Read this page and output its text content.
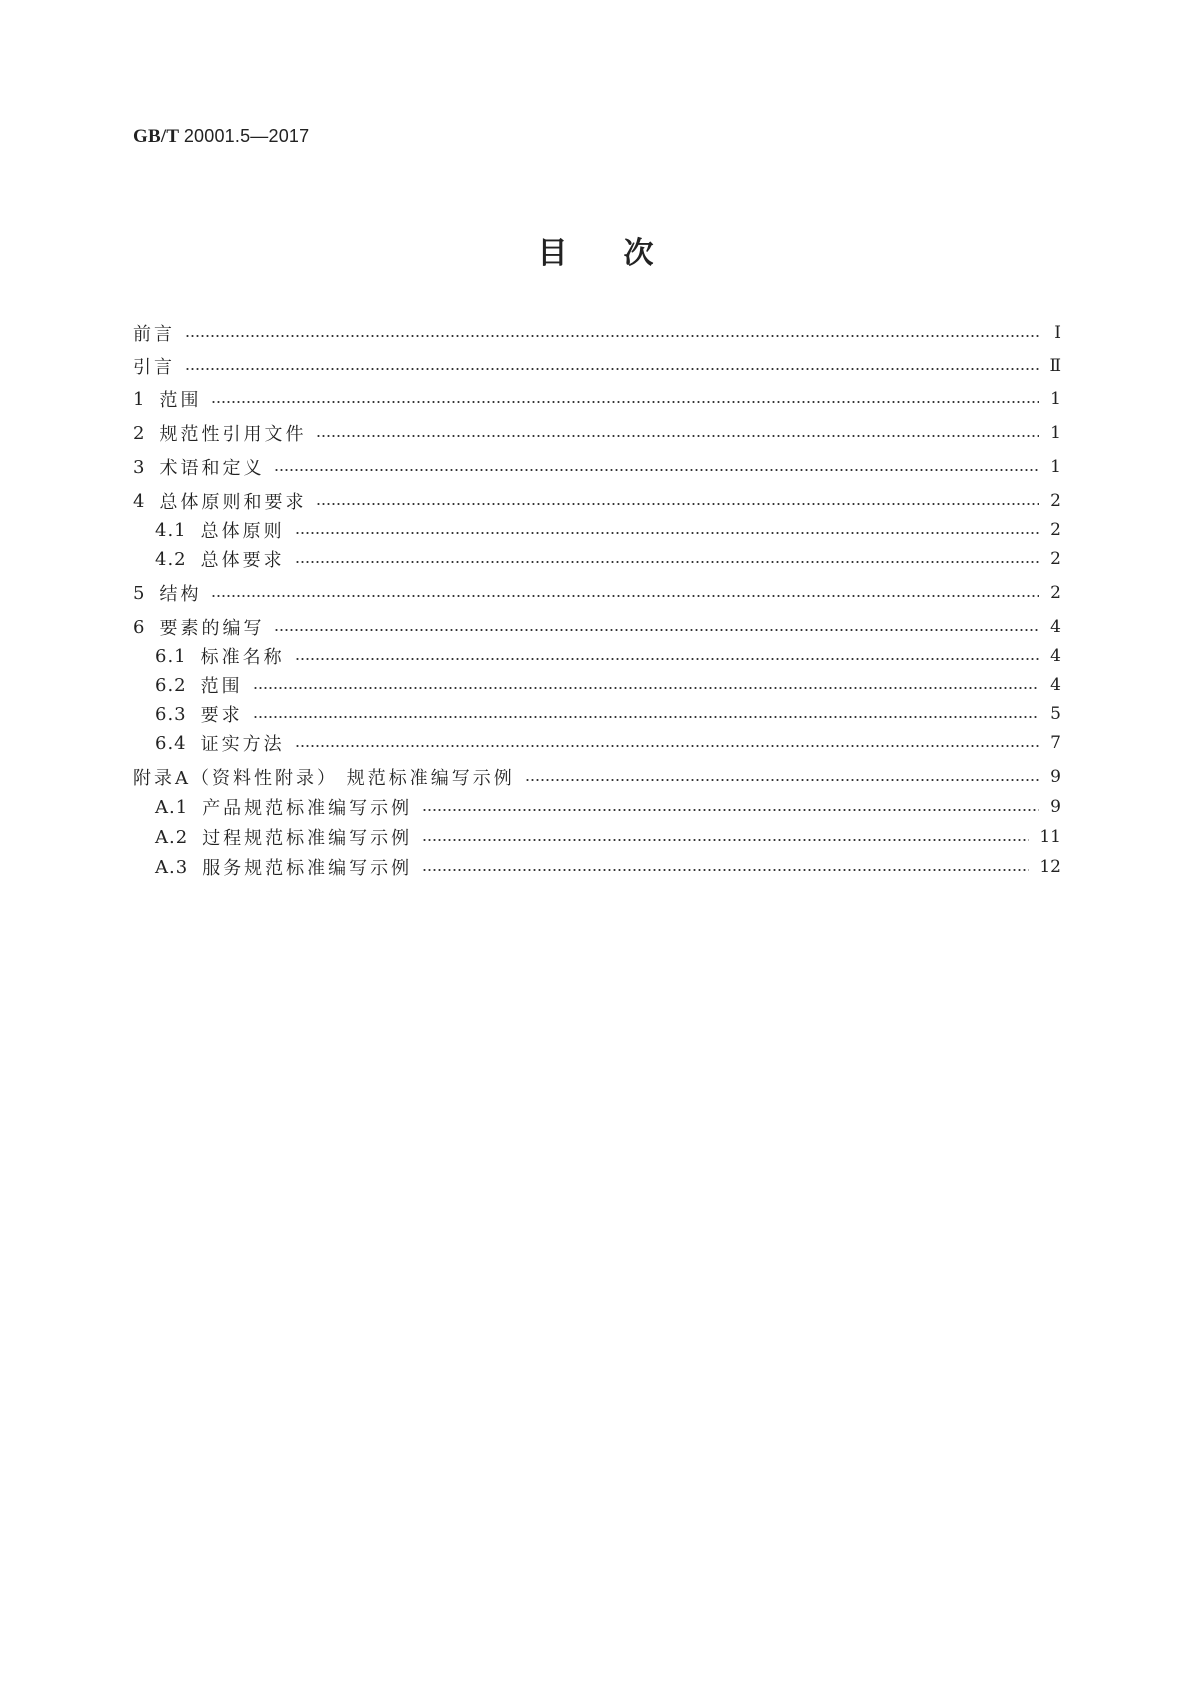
GB/T 20001.5—2017
目次
前言	Ⅰ
引言	Ⅱ
1 范围	1
2 规范性引用文件	1
3 术语和定义	1
4 总体原则和要求	2
4.1 总体原则	2
4.2 总体要求	2
5 结构	2
6 要素的编写	4
6.1 标准名称	4
6.2 范围	4
6.3 要求	5
6.4 证实方法	7
附录A（资料性附录） 规范标准编写示例	9
A.1 产品规范标准编写示例	9
A.2 过程规范标准编写示例	11
A.3 服务规范标准编写示例	12
